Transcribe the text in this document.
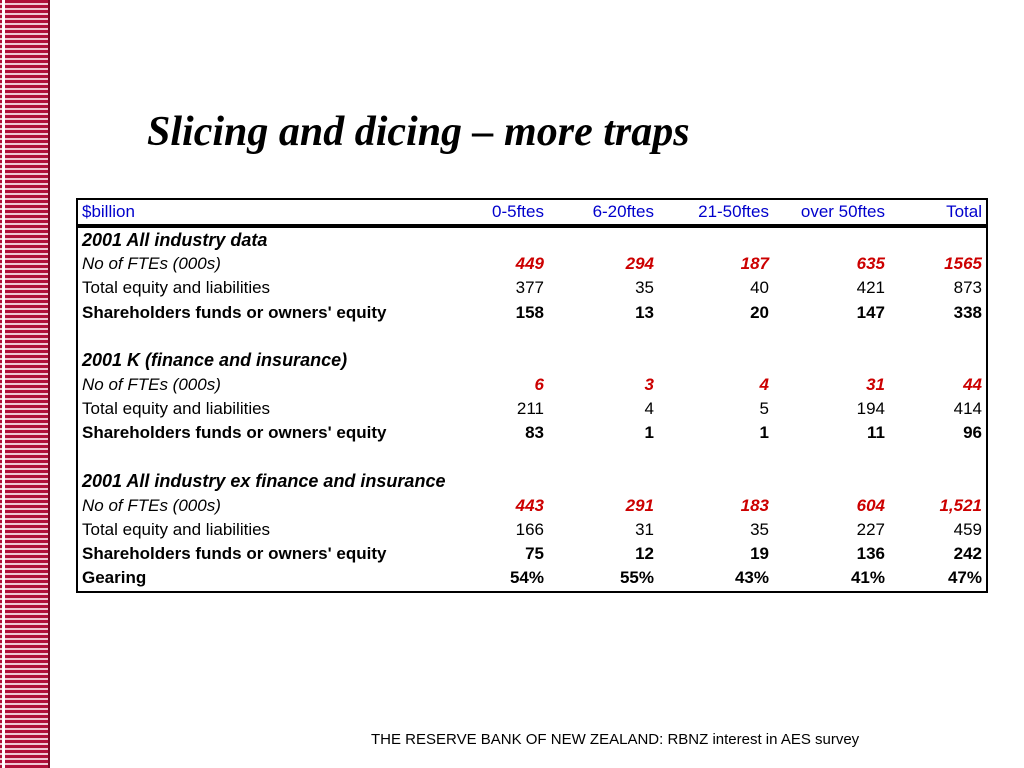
Slicing and dicing – more traps
$billion	0-5ftes	6-20ftes	21-50ftes	over 50ftes	Total
2001 All industry data					
No of FTEs (000s)	449	294	187	635	1565
Total equity and liabilities	377	35	40	421	873
Shareholders funds or owners' equity	158	13	20	147	338

2001 K (finance and insurance)					
No of FTEs (000s)	6	3	4	31	44
Total equity and liabilities	211	4	5	194	414
Shareholders funds or owners' equity	83	1	1	11	96

2001 All industry ex finance and insurance					
No of FTEs (000s)	443	291	183	604	1,521
Total equity and liabilities	166	31	35	227	459
Shareholders funds or owners' equity	75	12	19	136	242
Gearing	54%	55%	43%	41%	47%
THE RESERVE BANK OF NEW ZEALAND: RBNZ interest in AES survey
